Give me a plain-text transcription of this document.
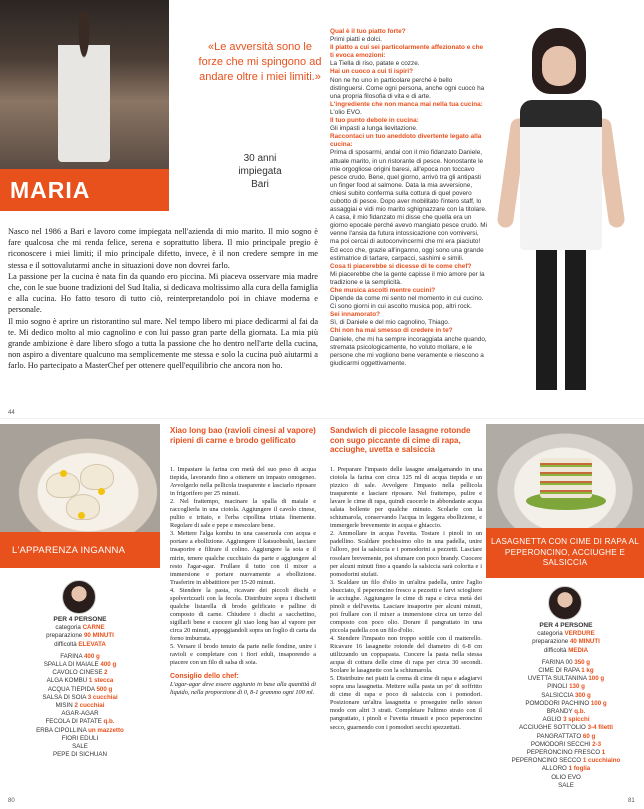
MARIA
«Le avversità sono le forze che mi spingono ad andare oltre i miei limiti.»
30 anni
impiegata
Bari

Nasco nel 1986 a Bari e lavoro come impiegata nell'azienda di mio marito. Il mio sogno è fare qualcosa che mi renda felice, serena e soprattutto libera. Il mio principale pregio è riconoscere i miei limiti; il mio principale difetto, invece, è il non credere sempre in me stessa e il sottovalutarmi anche in situazioni dove non dovrei farlo.

La passione per la cucina è nata fin da quando ero piccina. Mi piaceva osservare mia madre che, con le sue buone tradizioni del Sud Italia, si dedicava moltissimo alla cura della famiglia e alla cucina. Ho fatto tesoro di tutto ciò, reinterpretandolo poi in chiave moderna e personale.

Il mio sogno è aprire un ristorantino sul mare. Nel tempo libero mi piace dedicarmi al fai da te. Mi dedico molto al mio cagnolino e con lui passo gran parte della giornata. La mia più grande ambizione è dare libero sfogo a tutta la passione che ho dentro nell'arte della cucina, non aspiro a diventare qualcuno ma semplicemente me stessa e solo la cucina può aiutarmi a farlo. Ho partecipato a MasterChef per ottenere quell'equilibrio che ancora non ho.

Qual è il tuo piatto forte?
Primi piatti e dolci.
Il piatto a cui sei particolarmente affezionato e che ti evoca emozioni:
La Tiella di riso, patate e cozze.
Hai un cuoco a cui ti ispiri?
Non ne ho uno in particolare perché è bello distinguersi. Come ogni persona, anche ogni cuoco ha una propria filosofia di vita e di arte.
L'ingrediente che non manca mai nella tua cucina:
L'olio EVO.
Il tuo punto debole in cucina:
Gli impasti a lunga lievitazione.
Raccontaci un tuo aneddoto divertente legato alla cucina:
Prima di sposarmi, andai con il mio fidanzato Daniele, attuale marito, in un ristorante di pesce. Nonostante le mie orgogliose origini baresi, all'epoca non toccavo pesce crudo. Bene, quel giorno, arrivò tra gli antipasti un finger food al salmone. Data la mia avversione, chiesi subito conferma sulla cottura di quel povero cubotto di pesce. Dopo aver mobilitato l'intero staff, lo assaggiai e vidi mio marito sghignazzare con la titolare. A casa, il mio fidanzato mi disse che quella era un giorno epocale perché avevo mangiato pesce crudo. Mi venne l'ansia da futura intossicazione con vomiversi, ma poi cercai di autoconvincermi che mi era piaciuto! Ed ecco che, grazie all'inganno, oggi sono una grande estimatrice di tartare, carpacci, sashimi e simili.
Cosa ti piacerebbe si dicesse di te come chef?
Mi piacerebbe che la gente capisse il mio amore per la tradizione e la semplicità.
Che musica ascolti mentre cucini?
Dipende da come mi sento nel momento in cui cucino. Ci sono giorni in cui ascolto musica pop, altri rock.
Sei innamorato?
Sì, di Daniele e del mio cagnolino, Thiago.
Chi non ha mai smesso di credere in te?
Daniele, che mi ha sempre incoraggiata anche quando, stremata psicologicamente, ho voluto mollare, e le persone che mi vogliono bene veramente e riescono a giudicarmi oggettivamente.
44
L'APPARENZA INGANNA
PER 4 PERSONE
categoria CARNE
preparazione 90 MINUTI
difficoltà ELEVATA
FARINA 400 g
SPALLA DI MAIALE 400 g
CAVOLO CINESE 2
ALGA KOMBU 1 stecca
ACQUA TIEPIDA 500 g
SALSA DI SOIA 3 cucchiai
MISIN 2 cucchiai
AGAR-AGAR
FECOLA DI PATATE q.b.
ERBA CIPOLLINA un mazzetto
FIORI EDULI
SALE
PEPE DI SICHUAN
Xiao long bao (ravioli cinesi al vapore) ripieni di carne e brodo gelificato

1. Impastare la farina con metà del suo peso di acqua tiepida, lavorando fino a ottenere un impasto omogeneo. Avvolgerlo nella pellicola trasparente e lasciarlo riposare in frigorifero per 25 minuti.

2. Nel frattempo, macinare la spalla di maiale e raccoglierla in una ciotola. Aggiungere il cavolo cinese, pulito e tritato, e l'erba cipollina tritata finemente. Regolare di sale e pepe e mescolare bene.

3. Mettere l'alga kombu in una casseruola con acqua e portare a ebollizione. Aggiungere il katsuobushi, lasciare insaporire e filtrare il colino. Aggiungere la soia e il mirin, tenere qualche cucchiaio da parte e aggiungere al resto l'agar-agar. Frullare il tutto con il mixer a immersione e portare nuovamente a ebollizione. Trasferire in abbattitore per 15-20 minuti.

4. Stendere la pasta, ricavare dei piccoli dischi e spolverizzarli con la fecola. Distribuire sopra i dischetti qualche listarella di brodo gelificato e palline di composto di carne. Chiudere i dischi a sacchettino, sigillarli bene e cuocere gli xiao long bao al vapore per circa 20 minuti, appoggiandoli sopra un foglio di carta da forno imburrata.

5. Versare il brodo tenuto da parte nelle fondine, unire i ravioli e completare con i fiori eduli, insaporendo a piacere con un filo di salsa di soia.

Consiglio dello chef:

L'agar-agar deve essere aggiunto in base alla quantità di liquido, nella proporzione di 0, 8-1 grammo ogni 100 ml.

80
Sandwich di piccole lasagne rotonde con sugo piccante di cime di rapa, acciughe, uvetta e salsiccia

1. Preparare l'impasto delle lasagne amalgamando in una ciotola la farina con circa 125 ml di acqua tiepida e un pizzico di sale. Avvolgere l'impasto nella pellicola trasparente e lasciare riposare. Nel frattempo, pulire e lavare le cime di rapa, quindi cuocerle in abbondante acqua salata bollente per qualche minuto. Scolarle con la schiumarola, conservando l'acqua in leggera ebollizione, e immergerle brevemente in acqua e ghiaccio.

2. Ammollare in acqua l'uvetta. Tostare i pinoli in un padellino. Scaldare pochissimo olio in una padella, unire l'alloro, poi la salsiccia e i pomodorini a pezzetti. Lasciare rosolare brevemente, poi sfumare con poco brandy. Cuocere per alcuni minuti fino a quando la salsiccia sarà colorita e i pomodorini stufati.

3. Scaldare un filo d'olio in un'altra padella, unire l'aglio sbucciato, il peperoncino fresco a pezzetti e farvi sciogliere le acciughe. Aggiungere le cime di rapa e circa metà dei pinoli e dell'uvetta. Lasciare insaporire per alcuni minuti, poi frullare con il mixer a immersione circa un terzo del composto con poco olio. Dorare il pangrattato in una piccola padella con un filo d'olio.

4. Stendere l'impasto non troppo sottile con il matterello. Ricavare 16 lasagnette rotonde del diametro di 6-8 cm utilizzando un coppapasta. Cuocere la pasta nella stessa acqua di cottura delle cime di rapa per circa 30 secondi. Scolare le lasagnette con la schiumarola.

5. Distribuire nei piatti la crema di cime di rapa e adagiarvi sopra una lasagnetta. Mettere sulla pasta un po' di soffritto di cime di rapa e poco di salsiccia con i pomodori. Posizionare un'altra lasagnetta e proseguire nello stesso modo con altri 3 strati. Completare l'ultimo strato con il pangrattato, i pinoli e l'uvetta rimasti e poco peperoncino secco, guarnendo con i pomodori secchi spezzettati.

LASAGNETTA CON CIME DI RAPA AL PEPERONCINO, ACCIUGHE E SALSICCIA
PER 4 PERSONE
categoria VERDURE
preparazione 40 MINUTI
difficoltà MEDIA
FARINA 00 350 g
CIME DI RAPA 1 kg
UVETTA SULTANINA 100 g
PINOLI 130 g
SALSICCIA 300 g
POMODORI PACHINO 100 g
BRANDY q.b.
AGLIO 3 spicchi
ACCIUGHE SOTT'OLIO 3-4 filetti
PANGRATTATO 60 g
POMODORI SECCHI 2-3
PEPERONCINO FRESCO 1
PEPERONCINO SECCO 1 cucchiaino
ALLORO 1 foglia
OLIO EVO
SALE
81
